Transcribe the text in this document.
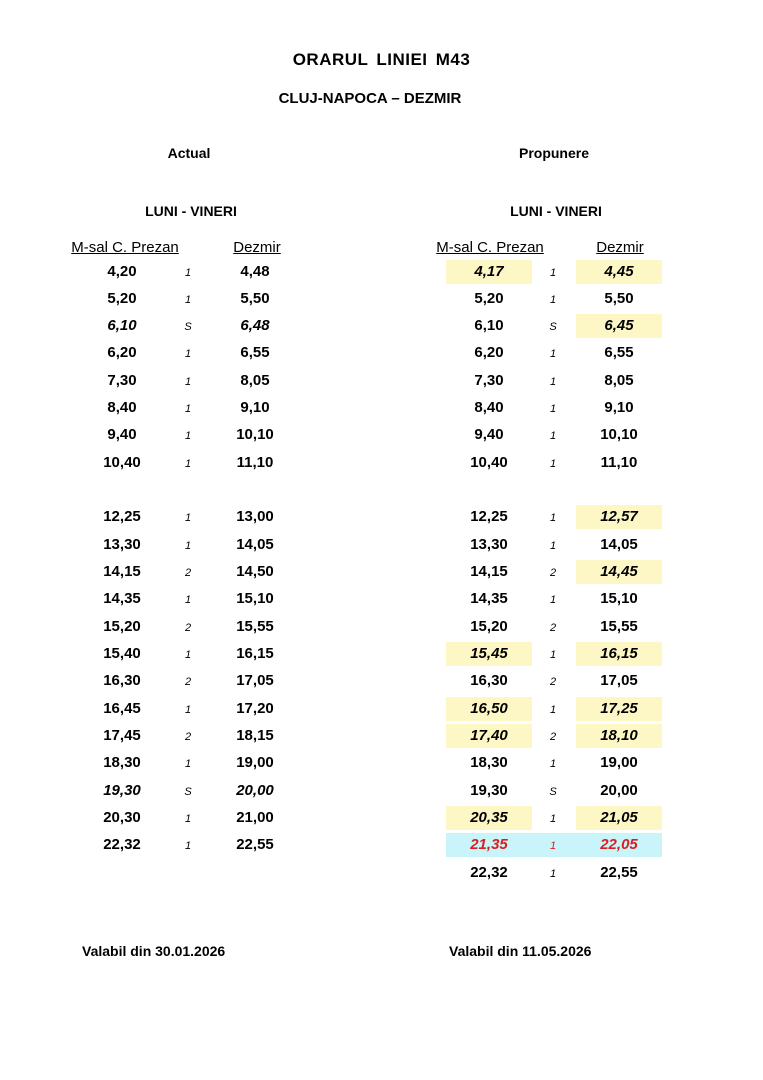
ORARUL LINIEI M43
CLUJ-NAPOCA – DEZMIR
Actual	Propunere
LUNI - VINERI	LUNI - VINERI
M-sal C. Prezan	Dezmir	M-sal C. Prezan	Dezmir
4,20	1	4,48
5,20	1	5,50
6,10	S	6,48
6,20	1	6,55
7,30	1	8,05
8,40	1	9,10
9,40	1	10,10
10,40	1	11,10
12,25	1	13,00
13,30	1	14,05
14,15	2	14,50
14,35	1	15,10
15,20	2	15,55
15,40	1	16,15
16,30	2	17,05
16,45	1	17,20
17,45	2	18,15
18,30	1	19,00
19,30	S	20,00
20,30	1	21,00
22,32	1	22,55
4,17	1	4,45
5,20	1	5,50
6,10	S	6,45
6,20	1	6,55
7,30	1	8,05
8,40	1	9,10
9,40	1	10,10
10,40	1	11,10
12,25	1	12,57
13,30	1	14,05
14,15	2	14,45
14,35	1	15,10
15,20	2	15,55
15,45	1	16,15
16,30	2	17,05
16,50	1	17,25
17,40	2	18,10
18,30	1	19,00
19,30	S	20,00
20,35	1	21,05
21,35	1	22,05
22,32	1	22,55
Valabil din 30.01.2026	Valabil din 11.05.2026
